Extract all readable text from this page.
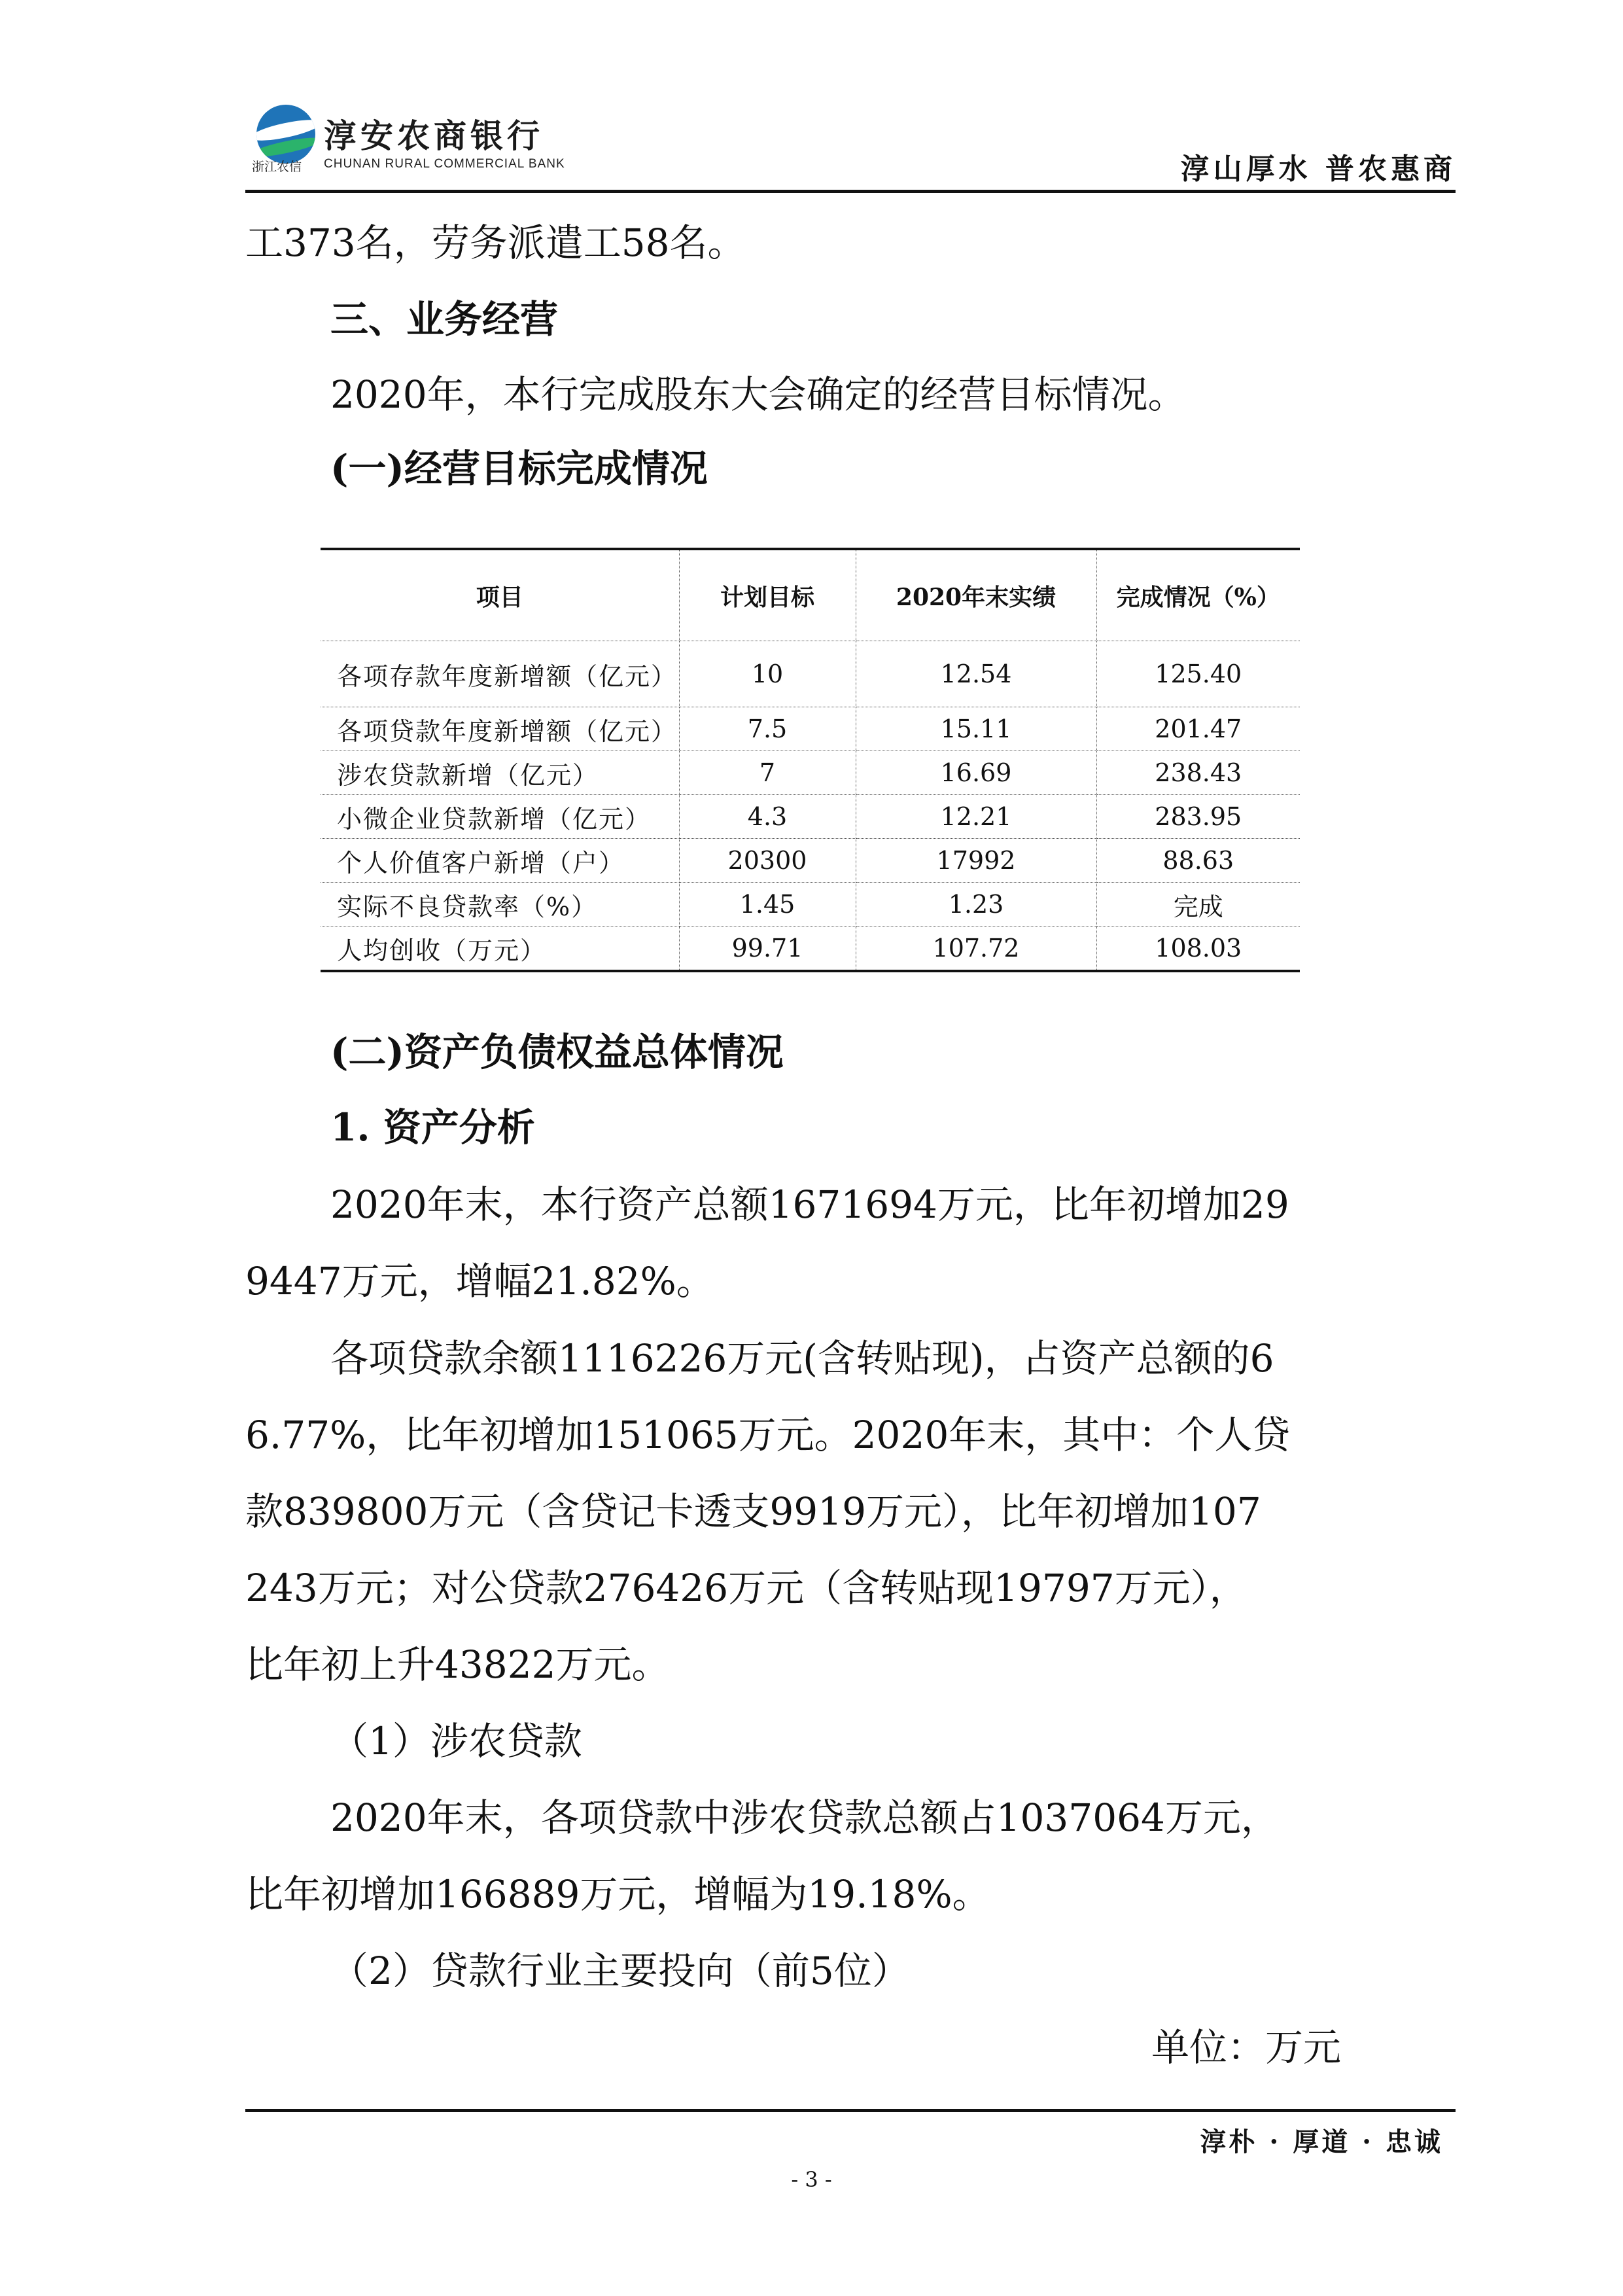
淳安农商银行
浙江农信 CHUNAN RURAL COMMERCIAL BANK	淳山厚水 普农惠商
工373名，劳务派遣工58名。
三、业务经营
2020年，本行完成股东大会确定的经营目标情况。
(一)经营目标完成情况
项目	计划目标	2020年末实绩	完成情况（%）
各项存款年度新增额（亿元）	10	12.54	125.40
各项贷款年度新增额（亿元）	7.5	15.11	201.47
涉农贷款新增（亿元）	7	16.69	238.43
小微企业贷款新增（亿元）	4.3	12.21	283.95
个人价值客户新增（户）	20300	17992	88.63
实际不良贷款率（%）	1.45	1.23	完成
人均创收（万元）	99.71	107.72	108.03
(二)资产负债权益总体情况
1. 资产分析
2020年末，本行资产总额1671694万元，比年初增加29
9447万元，增幅21.82%。
各项贷款余额1116226万元(含转贴现)，占资产总额的6
6.77%，比年初增加151065万元。2020年末，其中：个人贷
款839800万元（含贷记卡透支9919万元），比年初增加107
243万元；对公贷款276426万元（含转贴现19797万元），
比年初上升43822万元。
（1）涉农贷款
2020年末，各项贷款中涉农贷款总额占1037064万元，
比年初增加166889万元，增幅为19.18%。
（2）贷款行业主要投向（前5位）
单位：万元
淳朴 · 厚道 · 忠诚
- 3 -
